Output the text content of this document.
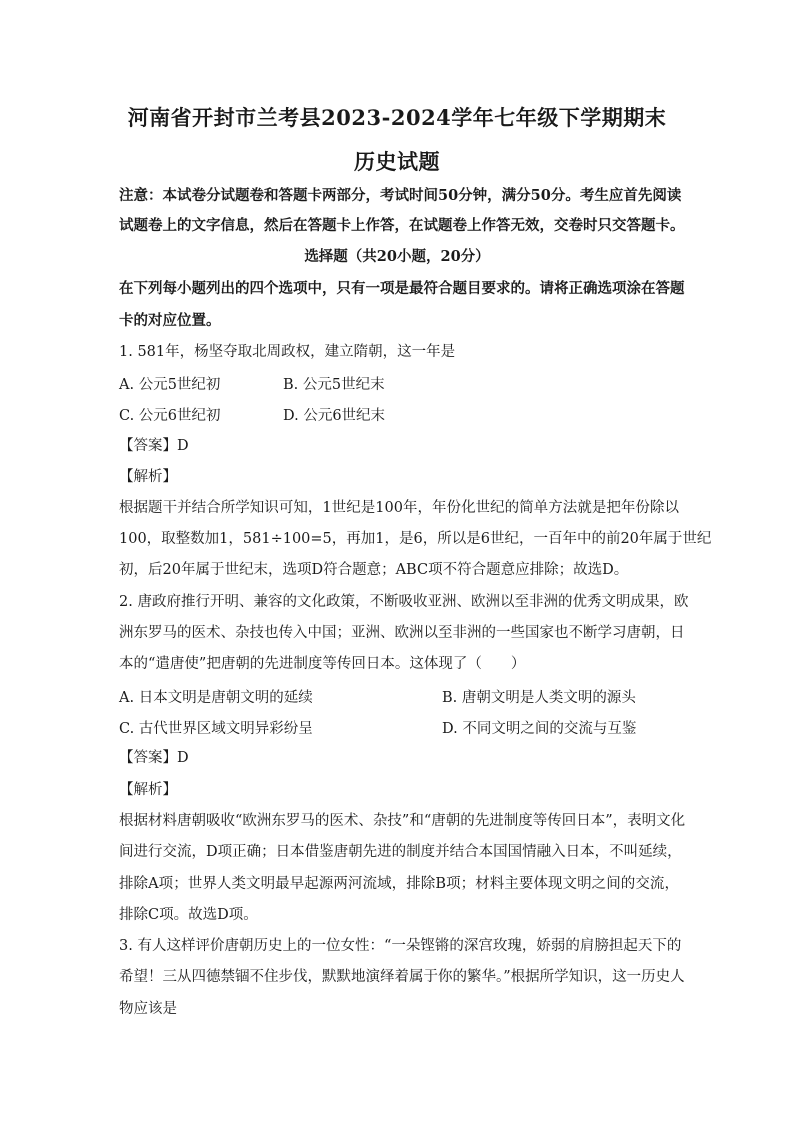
河南省开封市兰考县2023-2024学年七年级下学期期末
历史试题
注意：本试卷分试题卷和答题卡两部分，考试时间50分钟，满分50分。考生应首先阅读
试题卷上的文字信息，然后在答题卡上作答，在试题卷上作答无效，交卷时只交答题卡。
选择题（共20小题，20分）
在下列每小题列出的四个选项中，只有一项是最符合题目要求的。请将正确选项涂在答题
卡的对应位置。
1. 581年，杨坚夺取北周政权，建立隋朝，这一年是
A. 公元5世纪初	B. 公元5世纪末
C. 公元6世纪初	D. 公元6世纪末
【答案】D
【解析】
根据题干并结合所学知识可知，1世纪是100年，年份化世纪的简单方法就是把年份除以
100，取整数加1，581÷100=5，再加1，是6，所以是6世纪，一百年中的前20年属于世纪
初，后20年属于世纪末，选项D符合题意；ABC项不符合题意应排除；故选D。
2. 唐政府推行开明、兼容的文化政策，不断吸收亚洲、欧洲以至非洲的优秀文明成果，欧
洲东罗马的医术、杂技也传入中国；亚洲、欧洲以至非洲的一些国家也不断学习唐朝，日
本的“遣唐使”把唐朝的先进制度等传回日本。这体现了（　　）
A. 日本文明是唐朝文明的延续	B. 唐朝文明是人类文明的源头
C. 古代世界区域文明异彩纷呈	D. 不同文明之间的交流与互鉴
【答案】D
【解析】
根据材料唐朝吸收“欧洲东罗马的医术、杂技”和“唐朝的先进制度等传回日本”，表明文化
间进行交流，D项正确；日本借鉴唐朝先进的制度并结合本国国情融入日本，不叫延续，
排除A项；世界人类文明最早起源两河流域，排除B项；材料主要体现文明之间的交流，
排除C项。故选D项。
3. 有人这样评价唐朝历史上的一位女性：“一朵铿锵的深宫玫瑰，娇弱的肩膀担起天下的
希望！三从四德禁锢不住步伐，默默地演绎着属于你的繁华。”根据所学知识，这一历史人
物应该是
